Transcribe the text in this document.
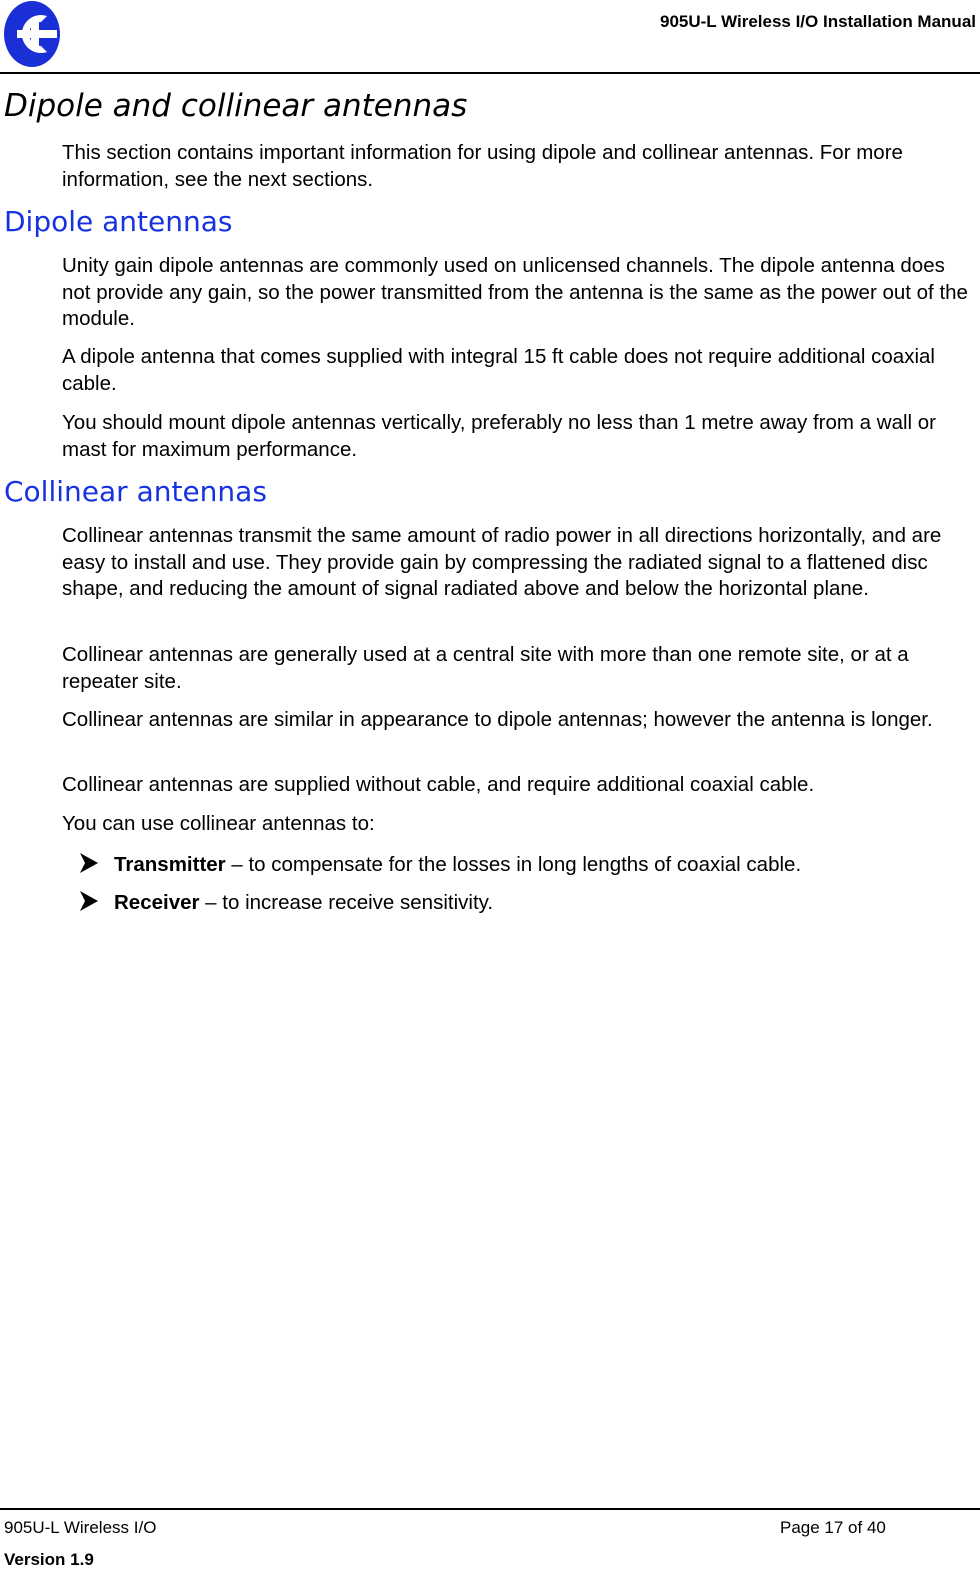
905U-L Wireless I/O Installation Manual
Dipole and collinear antennas

This section contains important information for using dipole and collinear antennas. For more information, see the next sections.

Dipole antennas

Unity gain dipole antennas are commonly used on unlicensed channels. The dipole antenna does not provide any gain, so the power transmitted from the antenna is the same as the power out of the module.

A dipole antenna that comes supplied with integral 15 ft cable does not require additional coaxial cable.

You should mount dipole antennas vertically, preferably no less than 1 metre away from a wall or mast for maximum performance.

Collinear antennas

Collinear antennas transmit the same amount of radio power in all directions horizontally, and are easy to install and use. They provide gain by compressing the radiated signal to a flattened disc shape, and reducing the amount of signal radiated above and below the horizontal plane.

Collinear antennas are generally used at a central site with more than one remote site, or at a repeater site.

Collinear antennas are similar in appearance to dipole antennas; however the antenna is longer.

Collinear antennas are supplied without cable, and require additional coaxial cable.

You can use collinear antennas to:

Transmitter – to compensate for the losses in long lengths of coaxial cable.
Receiver – to increase receive sensitivity.
905U-L Wireless I/O	Page 17 of 40
Version 1.9
